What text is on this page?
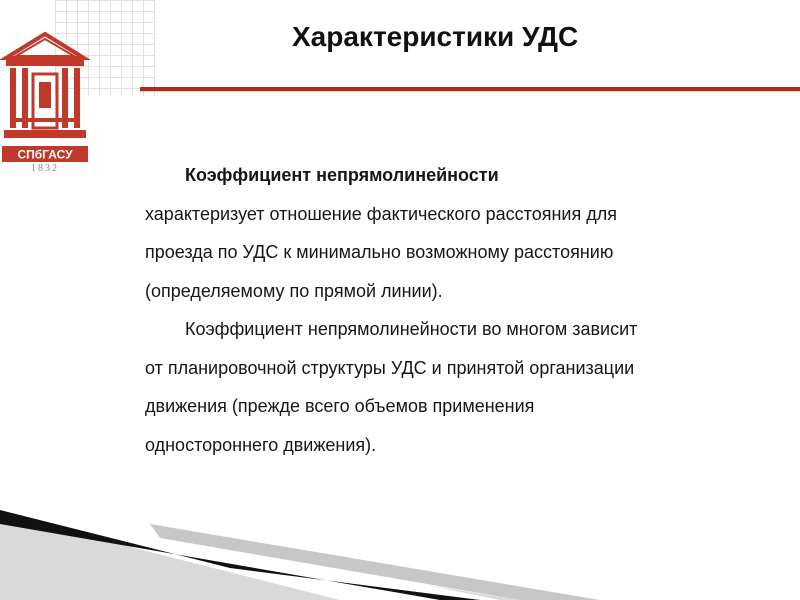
СПбГАСУ
1832
Характеристики УДС
Коэффициент непрямолинейности
характеризует отношение фактического расстояния для
проезда по УДС к минимально возможному расстоянию
(определяемому по прямой линии).
Коэффициент непрямолинейности во многом зависит
от планировочной структуры УДС и принятой организации
движения (прежде всего объемов применения
одностороннего движения).
